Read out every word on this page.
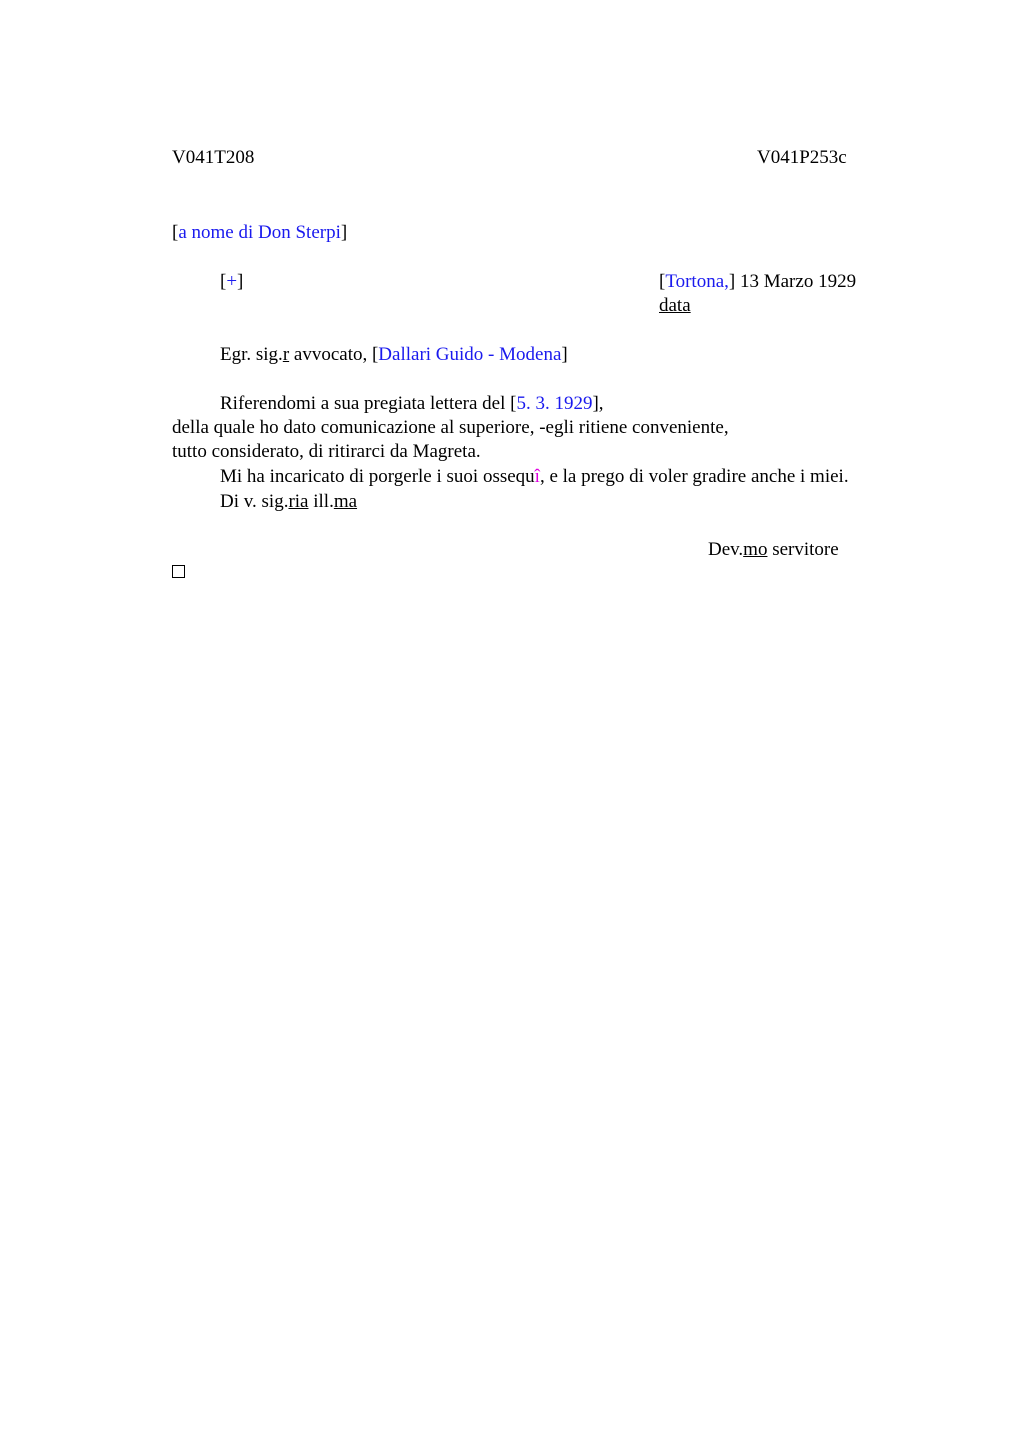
V041T208	V041P253c
[a nome di Don Sterpi]
[+]	[Tortona,] 13 Marzo 1929
data
Egr. sig.r avvocato, [Dallari Guido - Modena]
Riferendomi a sua pregiata lettera del [5. 3. 1929],
della quale ho dato comunicazione al superiore, -egli ritiene conveniente,
tutto considerato, di ritirarci da Magreta.
Mi ha incaricato di porgerle i suoi ossequî, e la prego di voler gradire anche i miei.
Di v. sig.ria ill.ma
Dev.mo servitore
